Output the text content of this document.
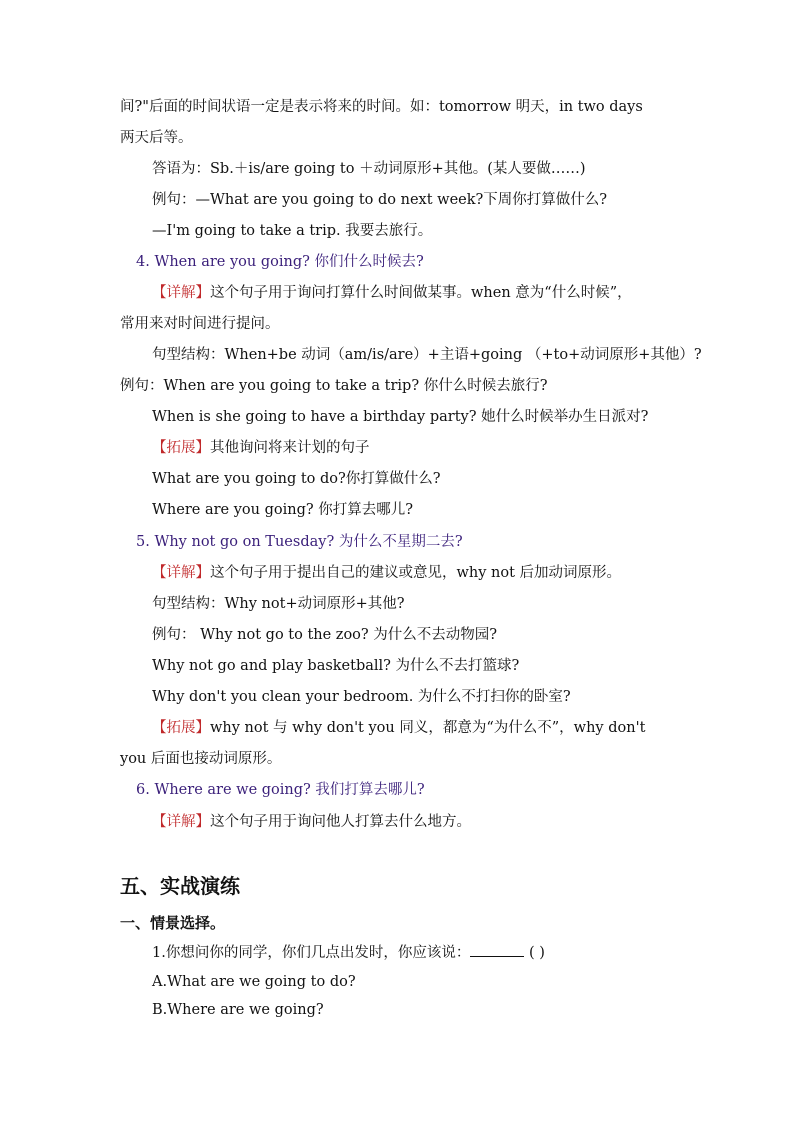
间?"后面的时间状语一定是表示将来的时间。如：tomorrow 明天，in two days
两天后等。
答语为：Sb.＋is/are going to ＋动词原形+其他。(某人要做……)
例句：—What are you going to do next week?下周你打算做什么?
—I'm going to take a trip. 我要去旅行。
4. When are you going? 你们什么时候去?
【详解】这个句子用于询问打算什么时间做某事。when 意为“什么时候”，
常用来对时间进行提问。
句型结构：When+be 动词（am/is/are）+主语+going （+to+动词原形+其他）?
例句：When are you going to take a trip? 你什么时候去旅行?
When is she going to have a birthday party? 她什么时候举办生日派对?
【拓展】其他询问将来计划的句子
What are you going to do?你打算做什么?
Where are you going? 你打算去哪儿?
5. Why not go on Tuesday? 为什么不星期二去?
【详解】这个句子用于提出自己的建议或意见，why not 后加动词原形。
句型结构：Why not+动词原形+其他?
例句： Why not go to the zoo? 为什么不去动物园?
Why not go and play basketball? 为什么不去打篮球?
Why don't you clean your bedroom. 为什么不打扫你的卧室?
【拓展】why not 与 why don't you 同义，都意为“为什么不”，why don't
you 后面也接动词原形。
6. Where are we going? 我们打算去哪儿?
【详解】这个句子用于询问他人打算去什么地方。
五、实战演练
一、情景选择。
1.你想问你的同学，你们几点出发时，你应该说：	( )
A.What are we going to do?
B.Where are we going?
